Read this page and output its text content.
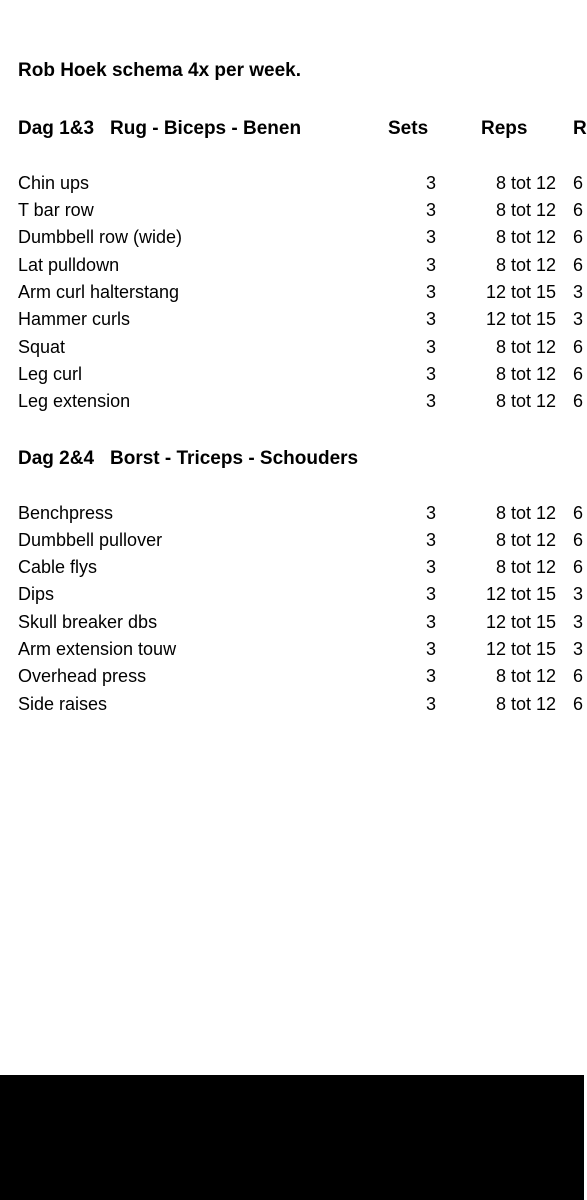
Rob Hoek schema 4x per week.
Dag 1&3 Rug - Biceps - Benen	Sets	Reps R
Chin ups	3	8 tot 12 6
T bar row	3	8 tot 12 6
Dumbbell row (wide)	3	8 tot 12 6
Lat pulldown	3	8 tot 12 6
Arm curl halterstang	3	12 tot 15 3
Hammer curls	3	12 tot 15 3
Squat	3	8 tot 12 6
Leg curl	3	8 tot 12 6
Leg extension	3	8 tot 12 6
Dag 2&4 Borst - Triceps - Schouders
Benchpress	3	8 tot 12 6
Dumbbell pullover	3	8 tot 12 6
Cable flys	3	8 tot 12 6
Dips	3	12 tot 15 3
Skull breaker dbs	3	12 tot 15 3
Arm extension touw	3	12 tot 15 3
Overhead press	3	8 tot 12 6
Side raises	3	8 tot 12 6
